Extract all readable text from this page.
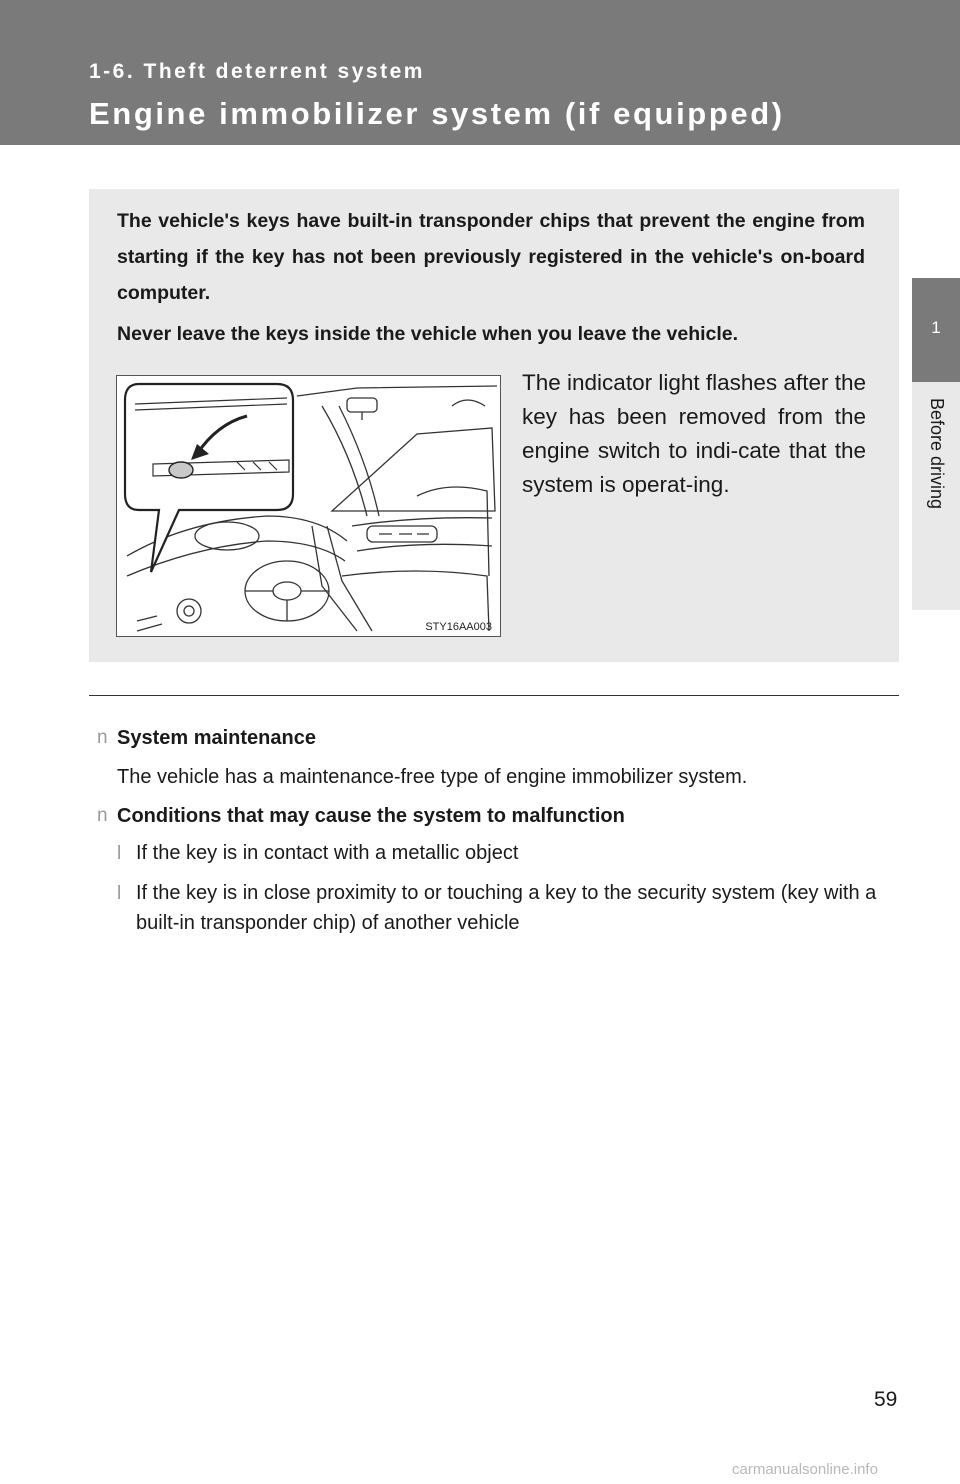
1-6. Theft deterrent system
Engine immobilizer system (if equipped)
1
Before driving

The vehicle's keys have built-in transponder chips that prevent the engine from starting if the key has not been previously registered in the vehicle's on-board computer.

Never leave the keys inside the vehicle when you leave the vehicle.

STY16AA003

The indicator light flashes after the key has been removed from the engine switch to indi-cate that the system is operat-ing.

n System maintenance
The vehicle has a maintenance-free type of engine immobilizer system.
n Conditions that may cause the system to malfunction
l If the key is in contact with a metallic object
l If the key is in close proximity to or touching a key to the security system (key with a built-in transponder chip) of another vehicle
59
carmanualsonline.info
